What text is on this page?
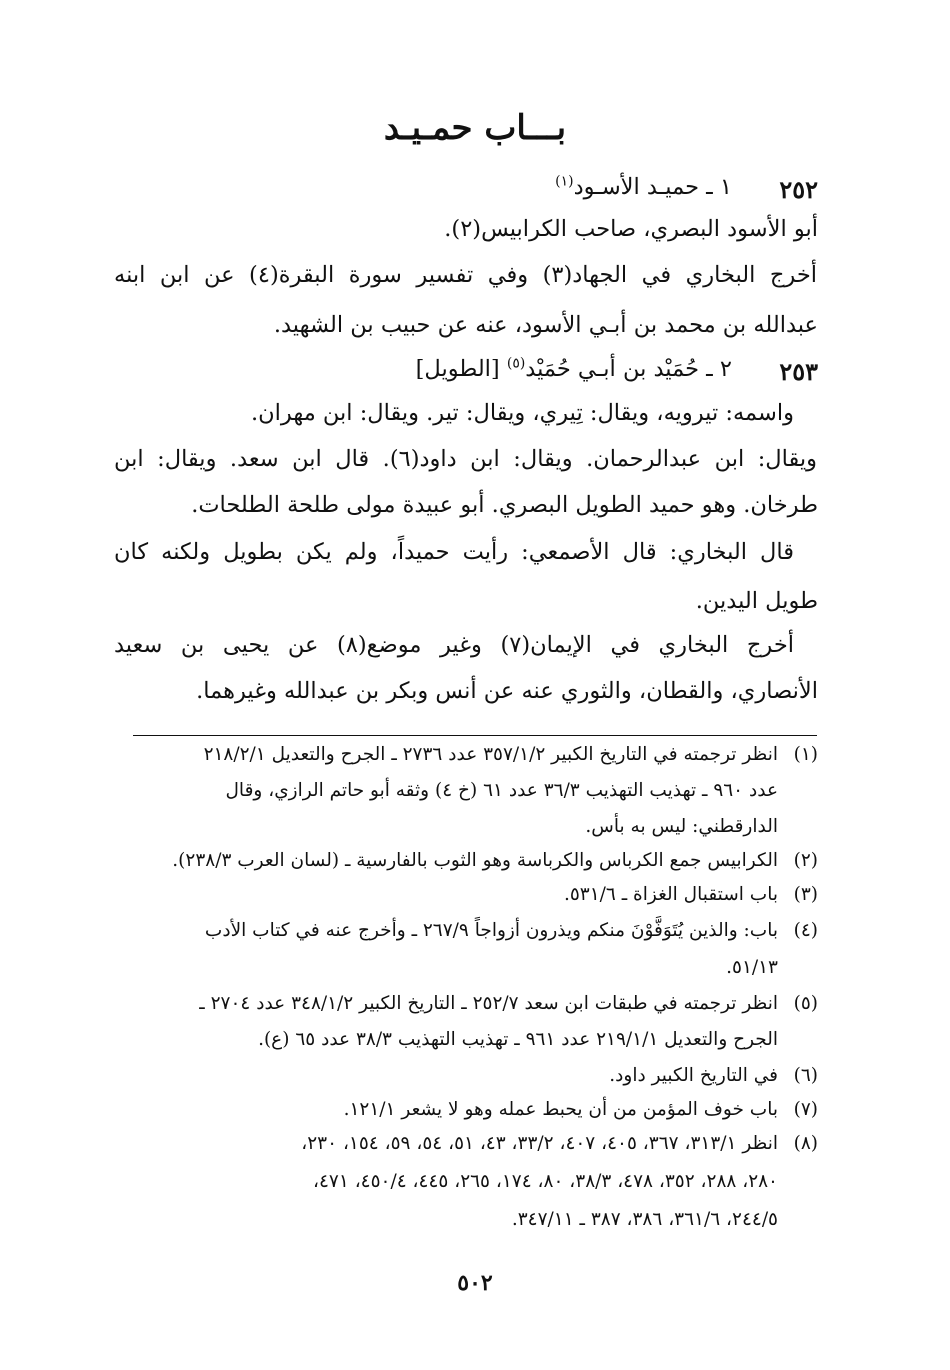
بـــاب حمـيـد
٢٥٢
١ ـ حميـد الأسـود$^{(١)}$
أبو الأسود البصري، صاحب الكرابيس(٢).
أخرج البخاري في الجهاد(٣) وفي تفسير سورة البقرة(٤) عن ابن ابنه
عبدالله بن محمد بن أبـي الأسود، عنه عن حبيب بن الشهيد.
٢٥٣
٢ ـ حُمَيْد بن أبـي حُمَيْد$^{(٥)}$ [الطويل]
واسمه: تيرويه، ويقال: تِيري، ويقال: تير. ويقال: ابن مهران.
ويقال: ابن عبدالرحمان. ويقال: ابن داود(٦). قال ابن سعد. ويقال: ابن
طرخان. وهو حميد الطويل البصري. أبو عبيدة مولى طلحة الطلحات.
قال البخاري: قال الأصمعي: رأيت حميداً، ولم يكن بطويل ولكنه كان
طويل اليدين.
أخرج البخاري في الإيمان(٧) وغير موضع(٨) عن يحيى بن سعيد
الأنصاري، والقطان، والثوري عنه عن أنس وبكر بن عبدالله وغيرهما.
(١)انظر ترجمته في التاريخ الكبير ٣٥٧/١/٢ عدد ٢٧٣٦ ـ الجرح والتعديل ٢١٨/٢/١
عدد ٩٦٠ ـ تهذيب التهذيب ٣٦/٣ عدد ٦١ (خ ٤) وثقه أبو حاتم الرازي، وقال
الدارقطني: ليس به بأس.
(٢)الكرابيس جمع الكرباس والكرباسة وهو الثوب بالفارسية ـ (لسان العرب ٢٣٨/٣).
(٣)باب استقبال الغزاة ـ ٥٣١/٦.
(٤)باب: والذين يُتَوَفَّوْنَ منكم ويذرون أزواجاً ٢٦٧/٩ ـ وأخرج عنه في كتاب الأدب
٥١/١٣.
(٥)انظر ترجمته في طبقات ابن سعد ٢٥٢/٧ ـ التاريخ الكبير ٣٤٨/١/٢ عدد ٢٧٠٤ ـ
الجرح والتعديل ٢١٩/١/١ عدد ٩٦١ ـ تهذيب التهذيب ٣٨/٣ عدد ٦٥ (ع).
(٦)في التاريخ الكبير داود.
(٧)باب خوف المؤمن من أن يحبط عمله وهو لا يشعر ١٢١/١.
(٨)انظر ٣١٣/١، ٣٦٧، ٤٠٥، ٤٠٧، ٣٣/٢، ٤٣، ٥١، ٥٤، ٥٩، ١٥٤، ٢٣٠،
٢٨٠، ٢٨٨، ٣٥٢، ٤٧٨، ٣٨/٣، ٨٠، ١٧٤، ٢٦٥، ٤٤٥، ٤٥٠/٤، ٤٧١،
٢٤٤/٥، ٣٦١/٦، ٣٨٦، ٣٨٧ ـ ٣٤٧/١١.
٥٠٢
